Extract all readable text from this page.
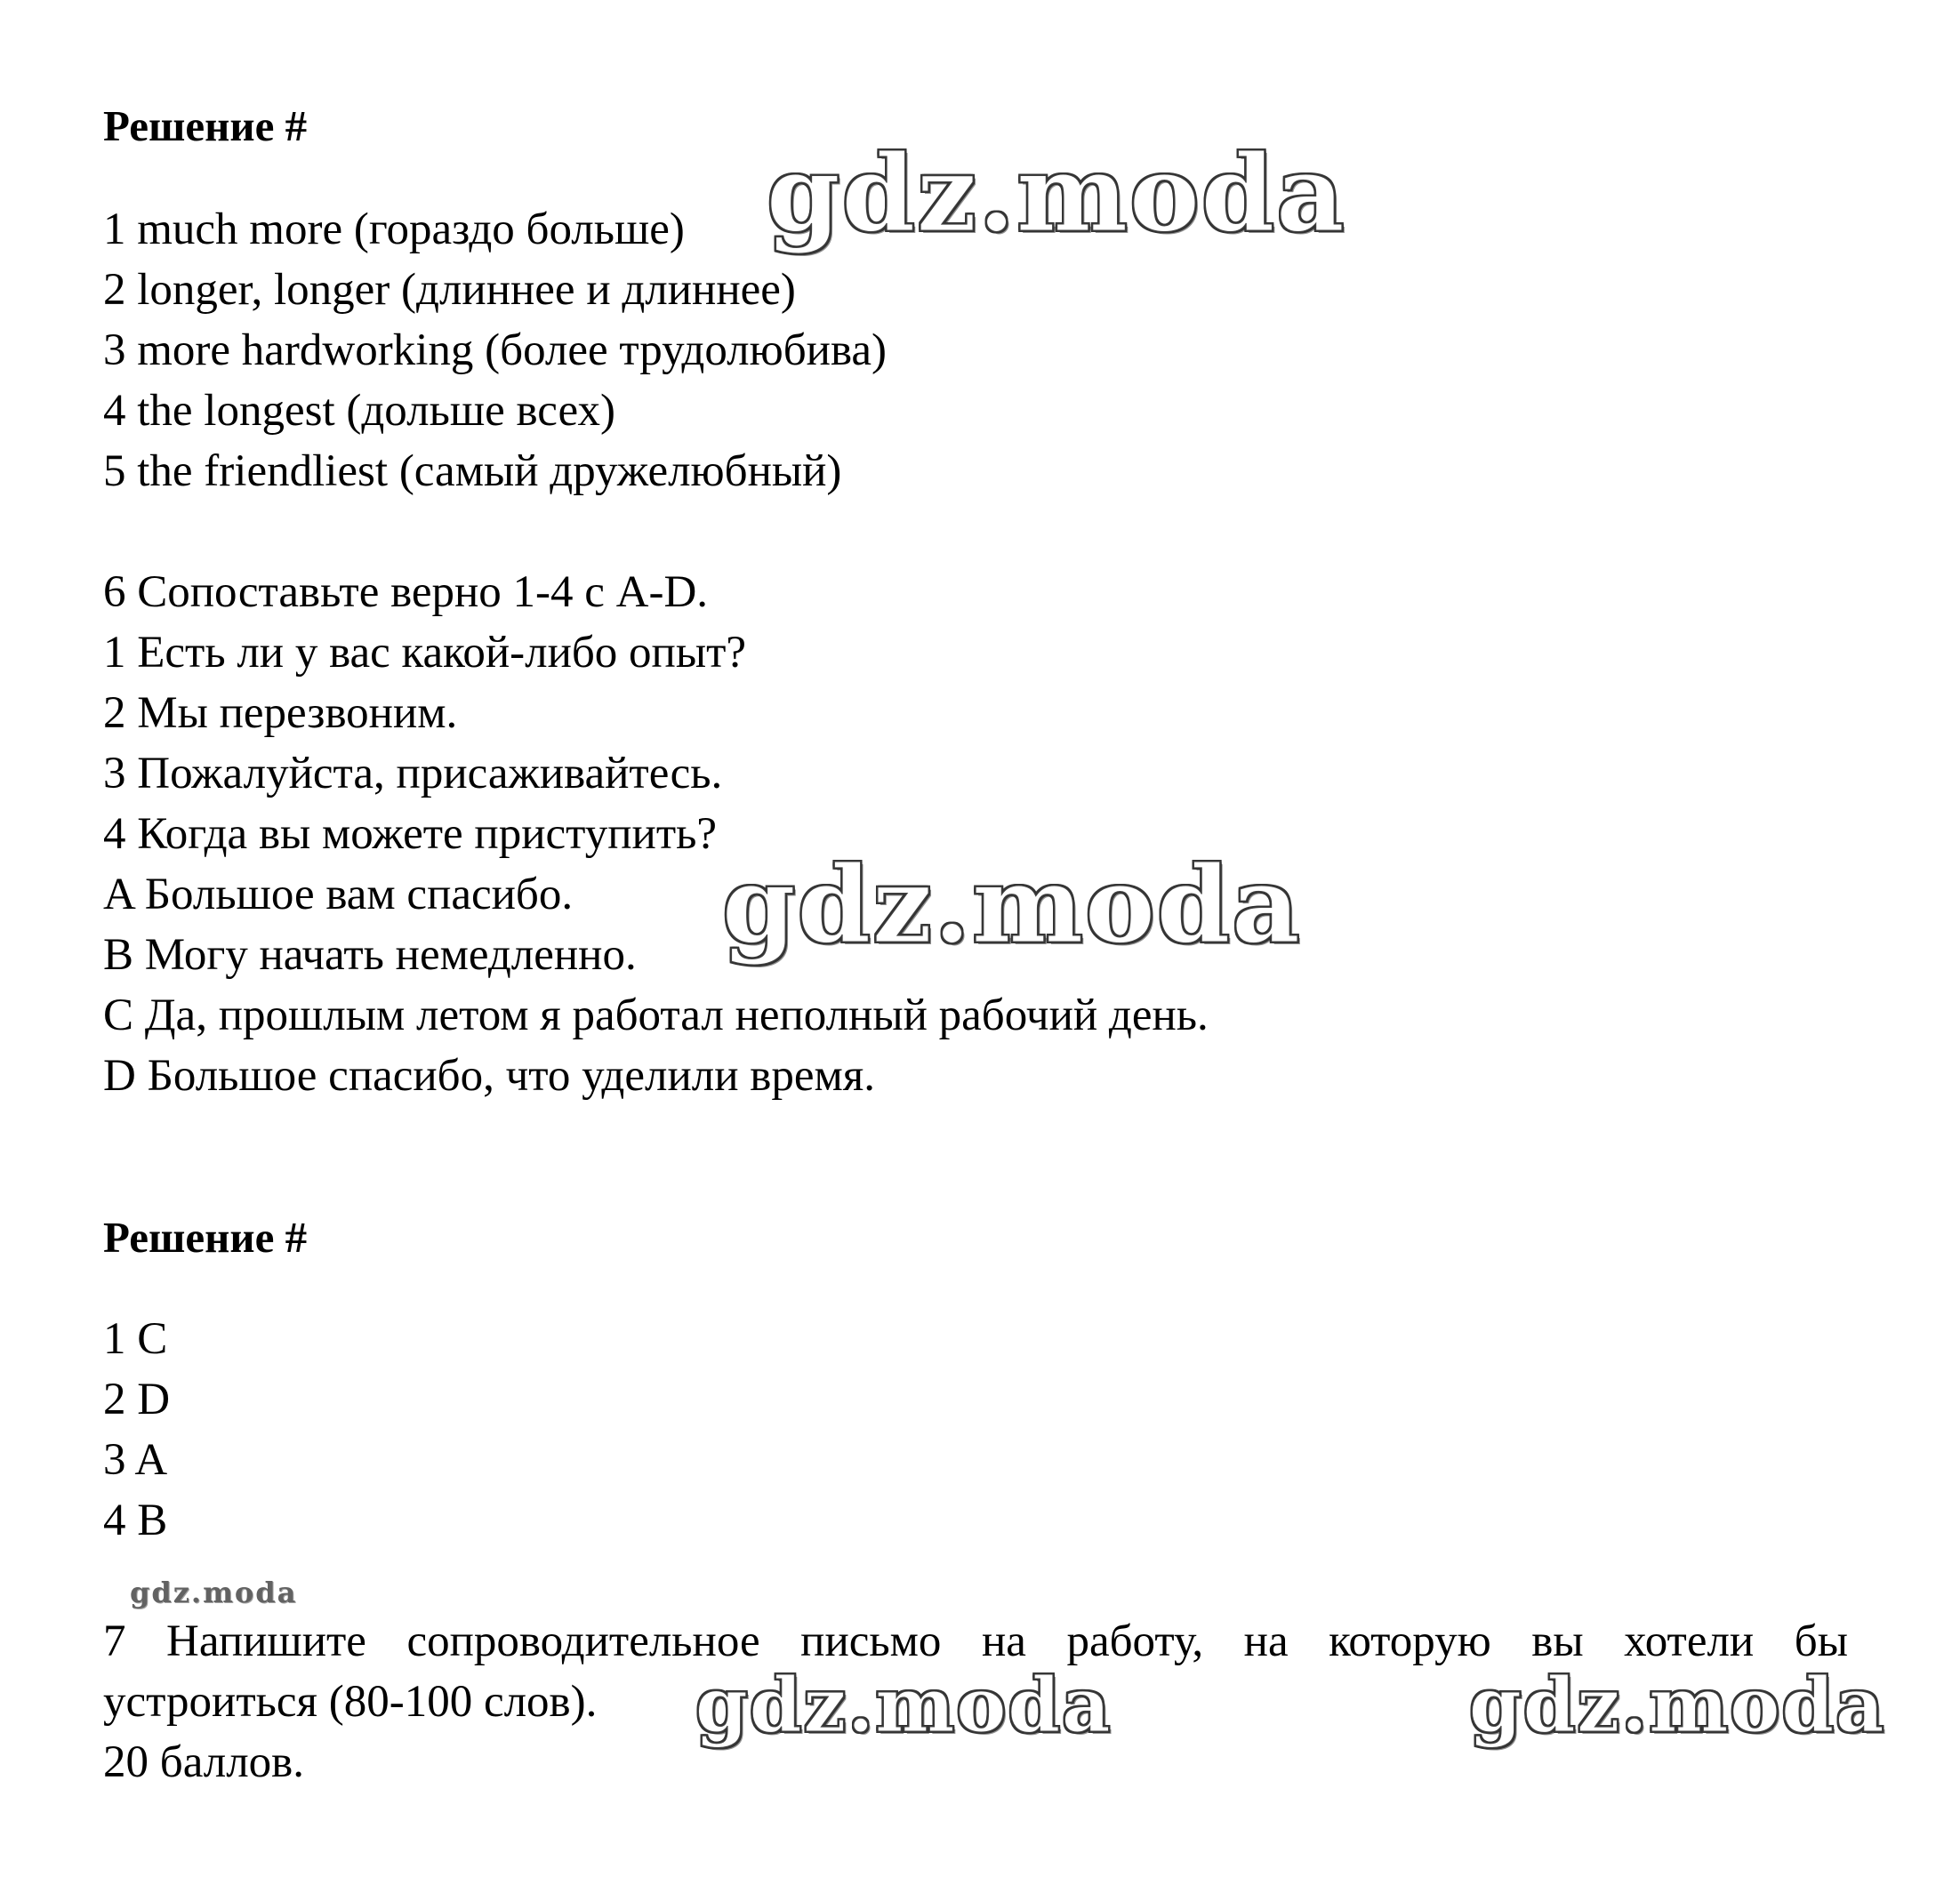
Решение #
1 much more (гораздо больше)
2 longer, longer (длиннее и длиннее)
3 more hardworking (более трудолюбива)
4 the longest (дольше всех)
5 the friendliest (самый дружелюбный)
6 Сопоставьте верно 1-4 с A-D.
1 Есть ли у вас какой-либо опыт?
2 Мы перезвоним.
3 Пожалуйста, присаживайтесь.
4 Когда вы можете приступить?
A Большое вам спасибо.
B Могу начать немедленно.
C Да, прошлым летом я работал неполный рабочий день.
D Большое спасибо, что уделили время.
Решение #
1 C
2 D
3 A
4 B
7 Напишите сопроводительное письмо на работу, на которую вы хотели бы
устроиться (80-100 слов).
20 баллов.
gdz.moda
gdz.moda
gdz.moda
gdz.moda	gdz.moda
